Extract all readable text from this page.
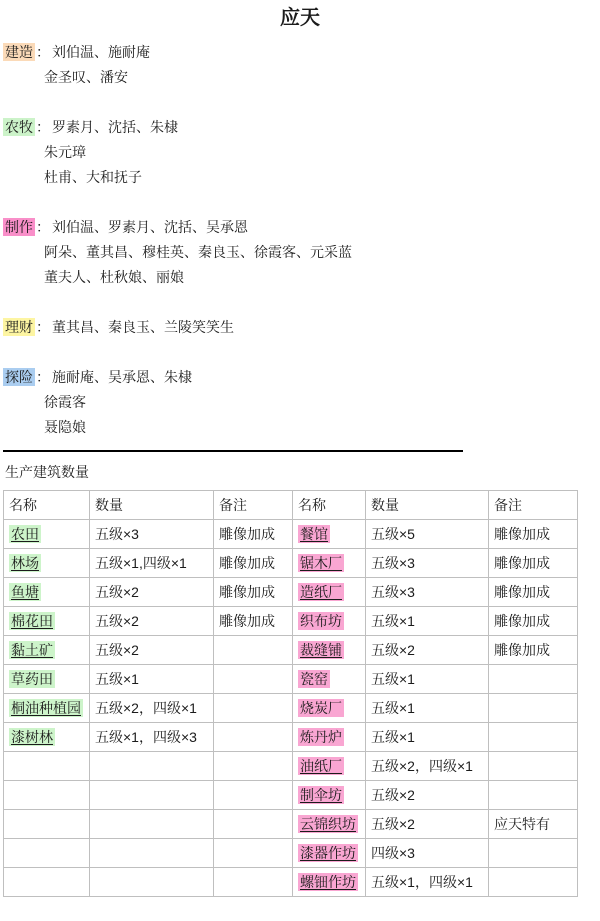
应天
建造 ： 刘伯温、施耐庵
金圣叹、潘安
农牧 ： 罗素月、沈括、朱棣
朱元璋
杜甫、大和抚子
制作 ： 刘伯温、罗素月、沈括、吴承恩
阿朵、董其昌、穆桂英、秦良玉、徐霞客、元采蓝
董夫人、杜秋娘、丽娘
理财 ： 董其昌、秦良玉、兰陵笑笑生
探险 ： 施耐庵、吴承恩、朱棣
徐霞客
聂隐娘
生产建筑数量
名称	数量	备注	名称	数量	备注
农田	五级×3	雕像加成	餐馆	五级×5	雕像加成
林场	五级×1,四级×1	雕像加成	锯木厂	五级×3	雕像加成
鱼塘	五级×2	雕像加成	造纸厂	五级×3	雕像加成
棉花田	五级×2	雕像加成	织布坊	五级×1	雕像加成
黏土矿	五级×2		裁缝铺	五级×2	雕像加成
草药田	五级×1		瓷窑	五级×1	
桐油种植园	五级×2，四级×1		烧炭厂	五级×1	
漆树林	五级×1，四级×3		炼丹炉	五级×1	
			油纸厂	五级×2，四级×1	
			制伞坊	五级×2	
			云锦织坊	五级×2	应天特有
			漆器作坊	四级×3	
			螺钿作坊	五级×1，四级×1	
